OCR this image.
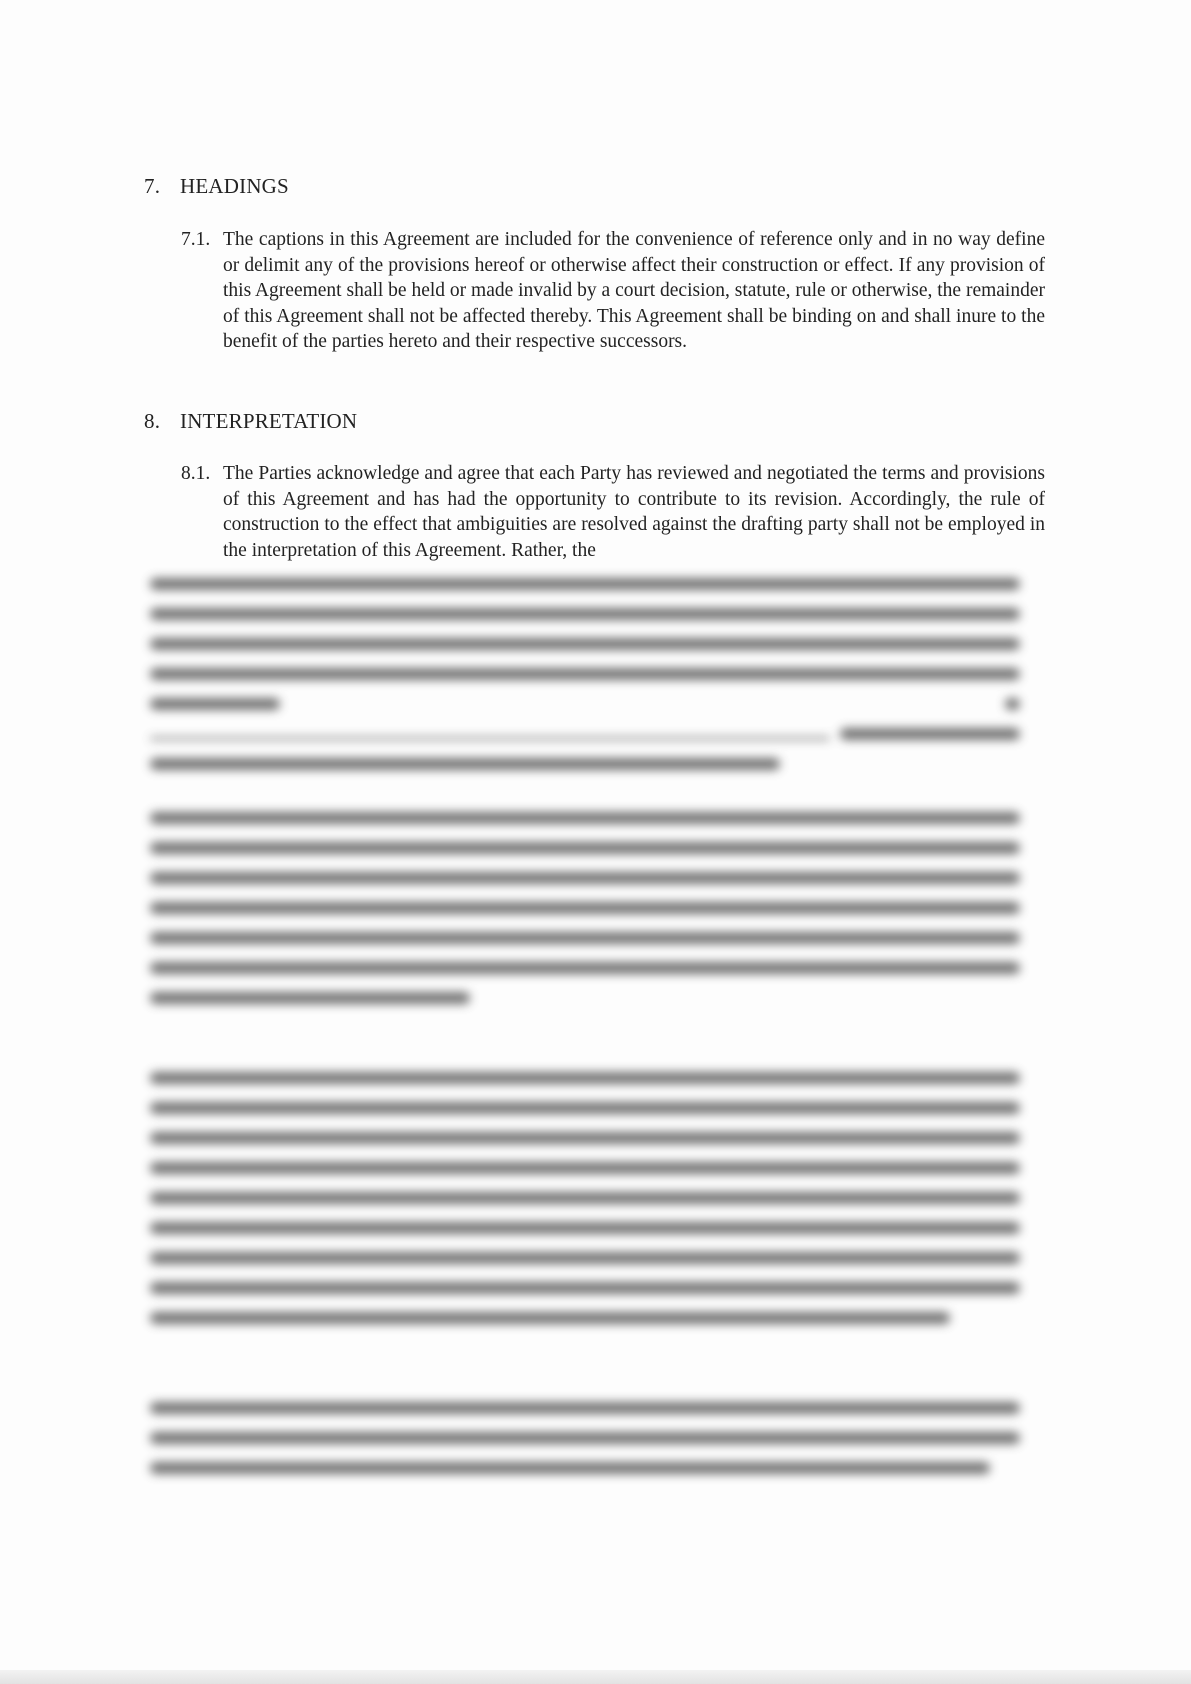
7. HEADINGS
7.1. The captions in this Agreement are included for the convenience of reference only and in no way define or delimit any of the provisions hereof or otherwise affect their construction or effect. If any provision of this Agreement shall be held or made invalid by a court decision, statute, rule or otherwise, the remainder of this Agreement shall not be affected thereby. This Agreement shall be binding on and shall inure to the benefit of the parties hereto and their respective successors.
8. INTERPRETATION
8.1. The Parties acknowledge and agree that each Party has reviewed and negotiated the terms and provisions of this Agreement and has had the opportunity to contribute to its revision. Accordingly, the rule of construction to the effect that ambiguities are resolved against the drafting party shall not be employed in the interpretation of this Agreement. Rather, the
